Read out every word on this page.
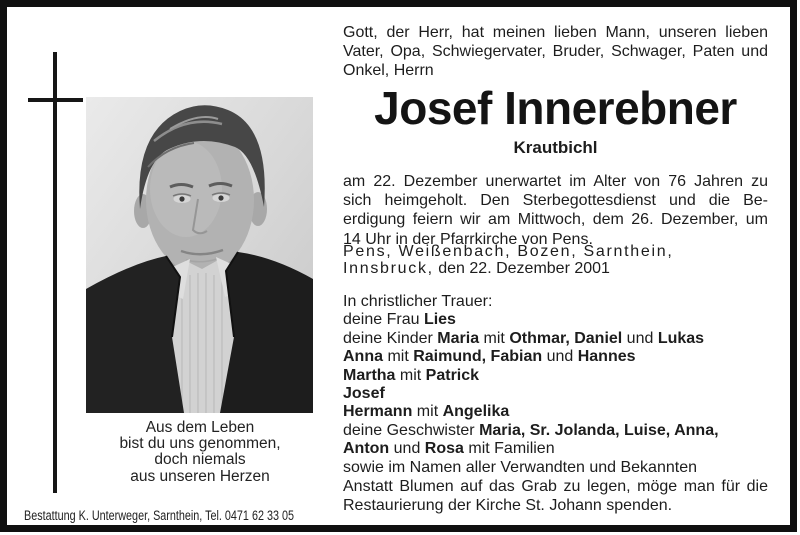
Aus dem Leben
bist du uns genommen,
doch niemals
aus unseren Herzen
Bestattung K. Unterweger, Sarnthein, Tel. 0471 62 33 05
Gott, der Herr, hat meinen lieben Mann, unseren lieben
Vater, Opa, Schwiegervater, Bruder, Schwager, Paten und
Onkel, Herrn
Josef Innerebner
Krautbichl
am 22. Dezember unerwartet im Alter von 76 Jahren zu
sich heimgeholt. Den Sterbegottesdienst und die Be-
erdigung feiern wir am Mittwoch, dem 26. Dezember, um
14 Uhr in der Pfarrkirche von Pens.
Pens, Weißenbach, Bozen, Sarnthein,
Innsbruck, den 22. Dezember 2001
In christlicher Trauer:
deine Frau Lies
deine Kinder Maria mit Othmar, Daniel und Lukas
Anna mit Raimund, Fabian und Hannes
Martha mit Patrick
Josef
Hermann mit Angelika
deine Geschwister Maria, Sr. Jolanda, Luise, Anna,
Anton und Rosa mit Familien
sowie im Namen aller Verwandten und Bekannten
Anstatt Blumen auf das Grab zu legen, möge man für die
Restaurierung der Kirche St. Johann spenden.
